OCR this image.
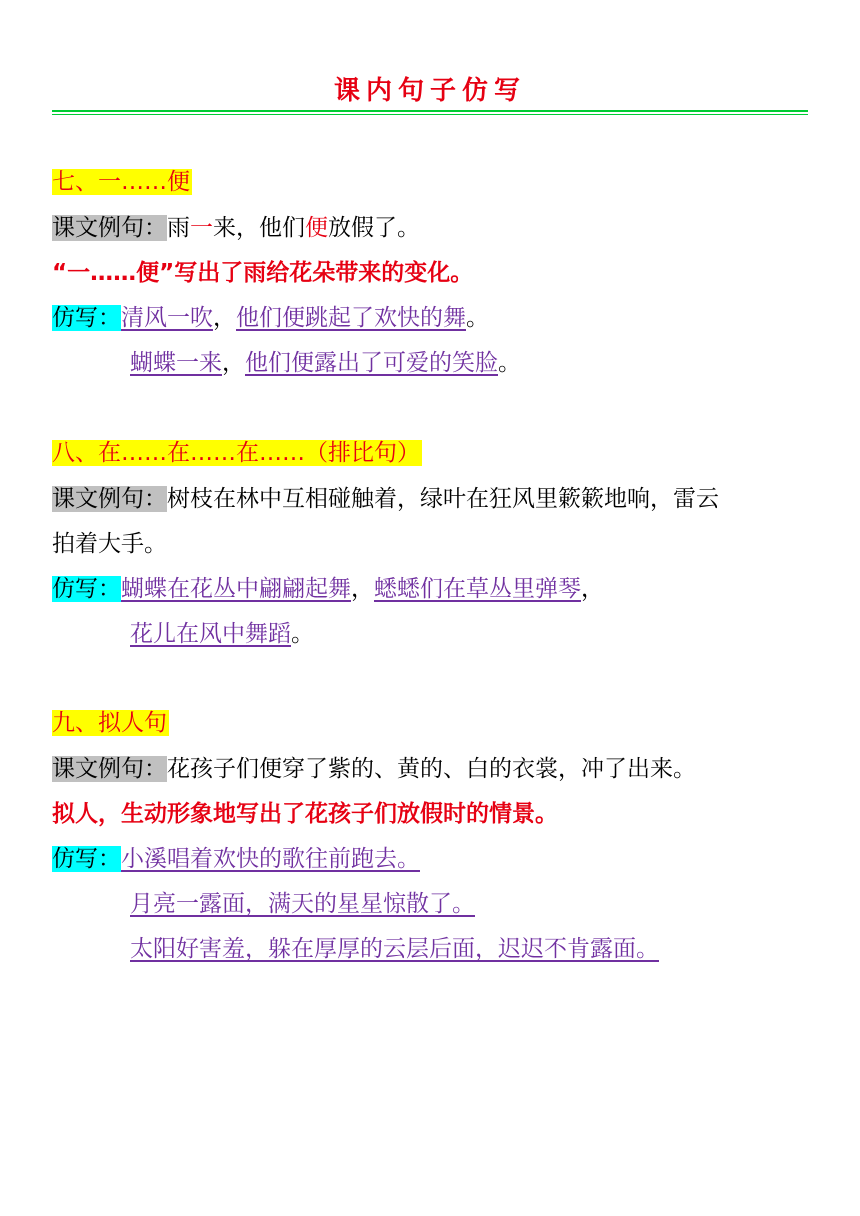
课内句子仿写
七、一……便
课文例句：雨一来，他们便放假了。
“一……便”写出了雨给花朵带来的变化。
仿写：清风一吹，他们便跳起了欢快的舞。
蝴蝶一来，他们便露出了可爱的笑脸。
八、在……在……在……（排比句）
课文例句：树枝在林中互相碰触着，绿叶在狂风里簌簌地响，雷云
拍着大手。
仿写：蝴蝶在花丛中翩翩起舞，蟋蟋们在草丛里弹琴，
花儿在风中舞蹈。
九、拟人句
课文例句：花孩子们便穿了紫的、黄的、白的衣裳，冲了出来。
拟人，生动形象地写出了花孩子们放假时的情景。
仿写：小溪唱着欢快的歌往前跑去。
月亮一露面，满天的星星惊散了。
太阳好害羞，躲在厚厚的云层后面，迟迟不肯露面。
